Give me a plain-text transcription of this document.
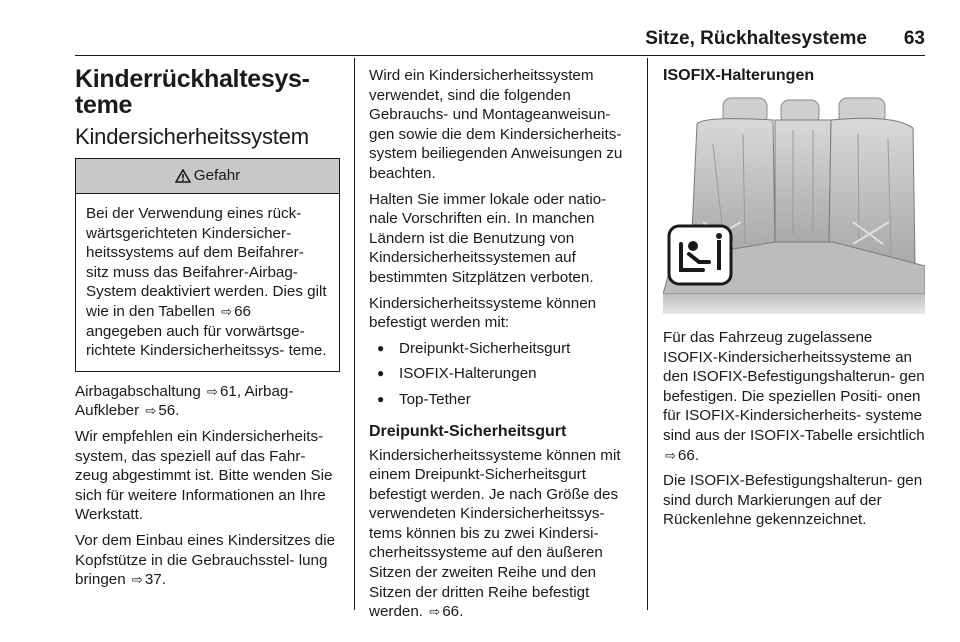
Sitze, Rückhaltesysteme 63
Kinderrückhaltesys‑ teme
Kindersicherheitssystem
Gefahr
Bei der Verwendung eines rück‑ wärtsgerichteten Kindersicher‑ heitssystems auf dem Beifahrer‑ sitz muss das Beifahrer‑Airbag‑ System deaktiviert werden. Dies gilt wie in den Tabellen ⇨ 66 angegeben auch für vorwärtsge‑ richtete Kindersicherheitssys‑ teme.

Airbagabschaltung ⇨ 61, Airbag‑ Aufkleber ⇨ 56.

Wir empfehlen ein Kindersicherheits‑ system, das speziell auf das Fahr‑ zeug abgestimmt ist. Bitte wenden Sie sich für weitere Informationen an Ihre Werkstatt.

Vor dem Einbau eines Kindersitzes die Kopfstütze in die Gebrauchsstel‑ lung bringen ⇨ 37.

Wird ein Kindersicherheitssystem verwendet, sind die folgenden Gebrauchs‑ und Montageanweisun‑ gen sowie die dem Kindersicherheits‑ system beiliegenden Anweisungen zu beachten.

Halten Sie immer lokale oder natio‑ nale Vorschriften ein. In manchen Ländern ist die Benutzung von Kindersicherheitssystemen auf bestimmten Sitzplätzen verboten.

Kindersicherheitssysteme können befestigt werden mit:

● Dreipunkt‑Sicherheitsgurt
● ISOFIX‑Halterungen
● Top‑Tether
Dreipunkt‑Sicherheitsgurt

Kindersicherheitssysteme können mit einem Dreipunkt‑Sicherheitsgurt befestigt werden. Je nach Größe des verwendeten Kindersicherheitssys‑ tems können bis zu zwei Kindersi‑ cherheitssysteme auf den äußeren Sitzen der zweiten Reihe und den Sitzen der dritten Reihe befestigt werden. ⇨ 66.

ISOFIX‑Halterungen

Für das Fahrzeug zugelassene ISOFIX‑Kindersicherheitssysteme an den ISOFIX‑Befestigungshalterun‑ gen befestigen. Die speziellen Positi‑ onen für ISOFIX‑Kindersicherheits‑ systeme sind aus der ISOFIX‑Tabelle ersichtlich ⇨ 66.

Die ISOFIX‑Befestigungshalterun‑ gen sind durch Markierungen auf der Rückenlehne gekennzeichnet.
